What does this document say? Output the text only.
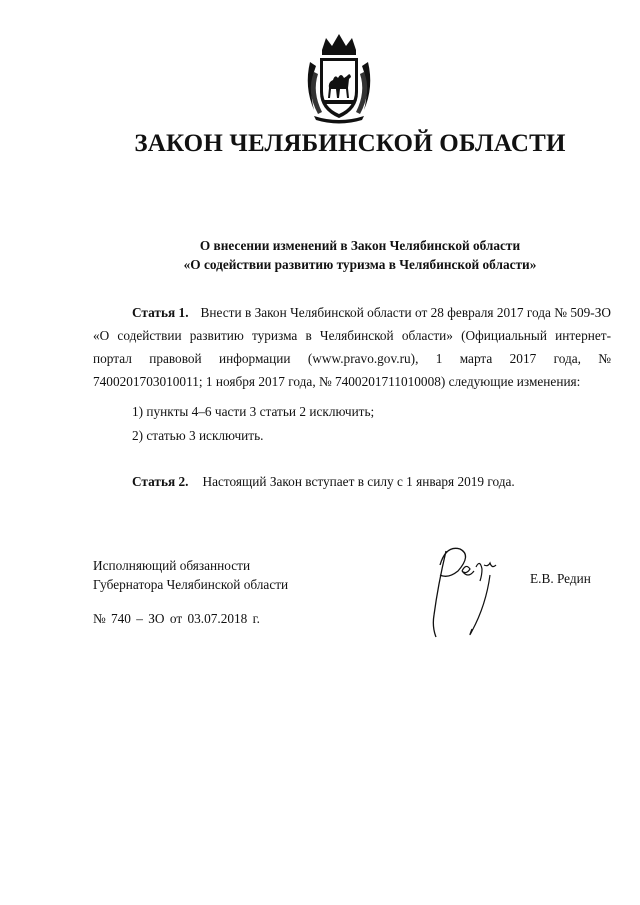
ЗАКОН ЧЕЛЯБИНСКОЙ ОБЛАСТИ
О внесении изменений в Закон Челябинской области
«О содействии развитию туризма в Челябинской области»
Статья 1. Внести в Закон Челябинской области от 28 февраля 2017 года № 509-ЗО «О содействии развитию туризма в Челябинской области» (Официальный интернет-портал правовой информации (www.pravo.gov.ru), 1 марта 2017 года, № 7400201703010011; 1 ноября 2017 года, № 7400201711010008) следующие изменения:
1) пункты 4–6 части 3 статьи 2 исключить;
2) статью 3 исключить.
Статья 2. Настоящий Закон вступает в силу с 1 января 2019 года.
Исполняющий обязанности
Губернатора Челябинской области	Е.В. Редин
№ 740 – ЗО от 03.07.2018 г.
